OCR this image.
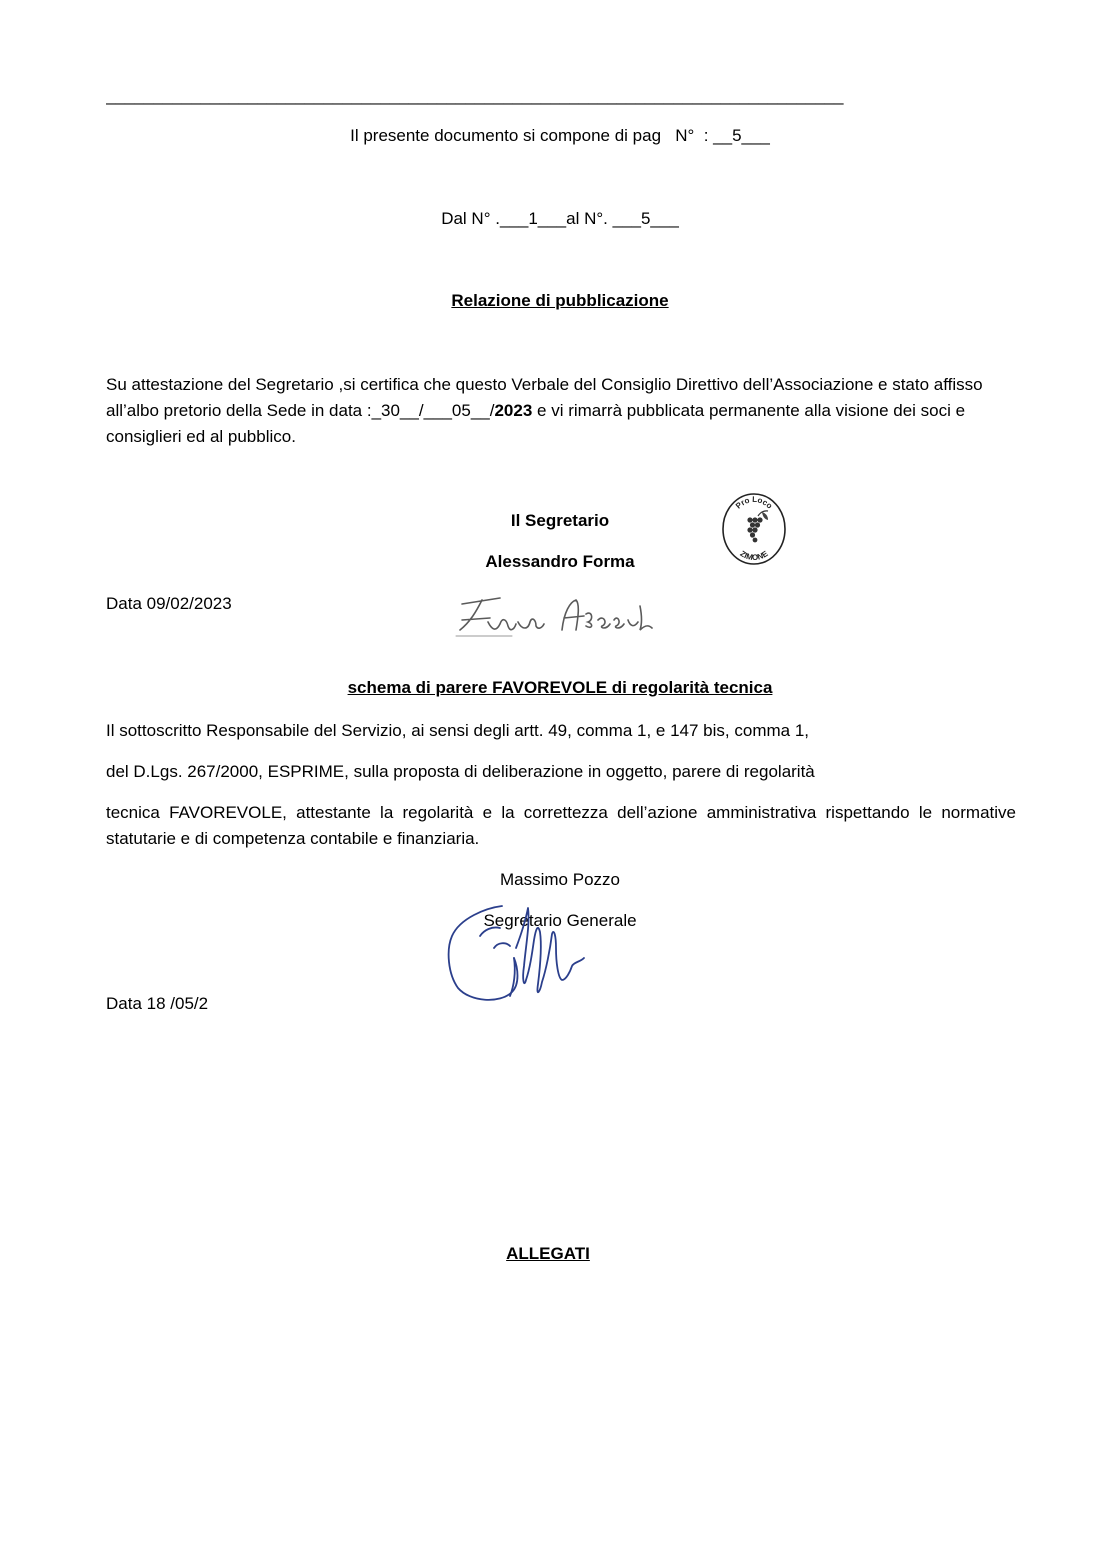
______________________________________________________________________________
Il presente documento si compone di pag   N°  : __5___
Dal N° .___1___al N°. ___5___
Relazione di pubblicazione
Su attestazione del Segretario ,si certifica che questo Verbale del Consiglio Direttivo dell’Associazione e stato affisso all’albo pretorio della Sede in data :_30__/___05__/2023 e vi rimarrà pubblicata permanente alla visione dei soci e consiglieri ed al pubblico.
Il Segretario
Alessandro Forma
Pro Loco
ZIMONE
Data 09/02/2023
schema di parere FAVOREVOLE di regolarità tecnica
Il sottoscritto Responsabile del Servizio, ai sensi degli artt. 49, comma 1, e 147 bis, comma 1,
del D.Lgs. 267/2000, ESPRIME, sulla proposta di deliberazione in oggetto, parere di regolarità
tecnica FAVOREVOLE, attestante la regolarità e la correttezza dell’azione amministrativa rispettando le normative statutarie e di competenza contabile e finanziaria.
Massimo Pozzo
Segretario Generale
Data 18 /05/2
ALLEGATI
